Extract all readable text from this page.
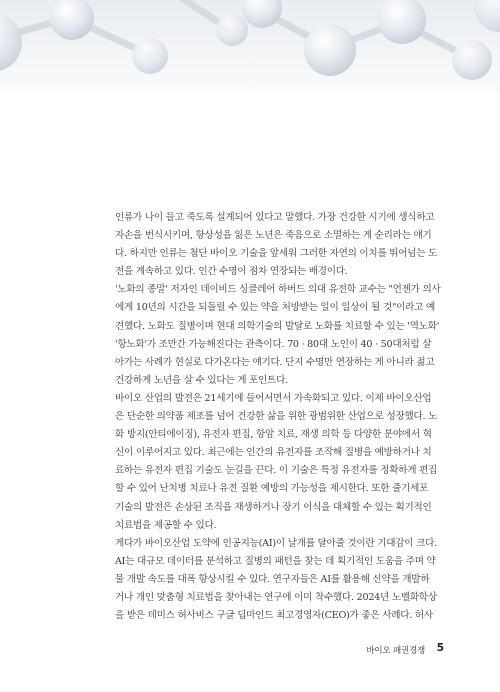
인류가 나이 들고 죽도록 설계되어 있다고 말했다. 가장 건강한 시기에 생식하고
자손을 번식시키며, 항상성을 잃은 노년은 죽음으로 소멸하는 게 순리라는 얘기
다. 하지만 인류는 첨단 바이오 기술을 앞세워 그러한 자연의 이치를 뛰어넘는 도
전을 계속하고 있다. 인간 수명이 점차 연장되는 배경이다.
'노화의 종말' 저자인 데이비드 싱클레어 하버드 의대 유전학 교수는 "언젠가 의사
에게 10년의 시간을 되돌릴 수 있는 약을 처방받는 일이 일상이 될 것"이라고 예
견했다. 노화도 질병이며 현대 의학기술의 발달로 노화를 치료할 수 있는 '역노화'
'항노화'가 조만간 가능해진다는 관측이다. 70 · 80대 노인이 40 · 50대처럼 살
아가는 사례가 현실로 다가온다는 얘기다. 단지 수명만 연장하는 게 아니라 젊고
건강하게 노년을 살 수 있다는 게 포인트다.
바이오 산업의 발전은 21세기에 들어서면서 가속화되고 있다. 이제 바이오산업
은 단순한 의약품 제조를 넘어 건강한 삶을 위한 광범위한 산업으로 성장했다. 노
화 방지(안티에이징), 유전자 편집, 항암 치료, 재생 의학 등 다양한 분야에서 혁
신이 이루어지고 있다. 최근에는 인간의 유전자를 조작해 질병을 예방하거나 치
료하는 유전자 편집 기술도 눈길을 끈다. 이 기술은 특정 유전자를 정확하게 편집
할 수 있어 난치병 치료나 유전 질환 예방의 가능성을 제시한다. 또한 줄기세포
기술의 발전은 손상된 조직을 재생하거나 장기 이식을 대체할 수 있는 획기적인
치료법을 제공할 수 있다.
게다가 바이오산업 도약에 인공지능(AI)이 날개를 달아줄 것이란 기대감이 크다.
AI는 대규모 데이터를 분석하고 질병의 패턴을 찾는 데 획기적인 도움을 주며 약
물 개발 속도를 대폭 향상시킬 수 있다. 연구자들은 AI를 활용해 신약을 개발하
거나 개인 맞춤형 치료법을 찾아내는 연구에 이미 착수했다. 2024년 노벨화학상
을 받은 데미스 허사비스 구글 딥마인드 최고경영자(CEO)가 좋은 사례다. 허사
바이오 패권경쟁 5
